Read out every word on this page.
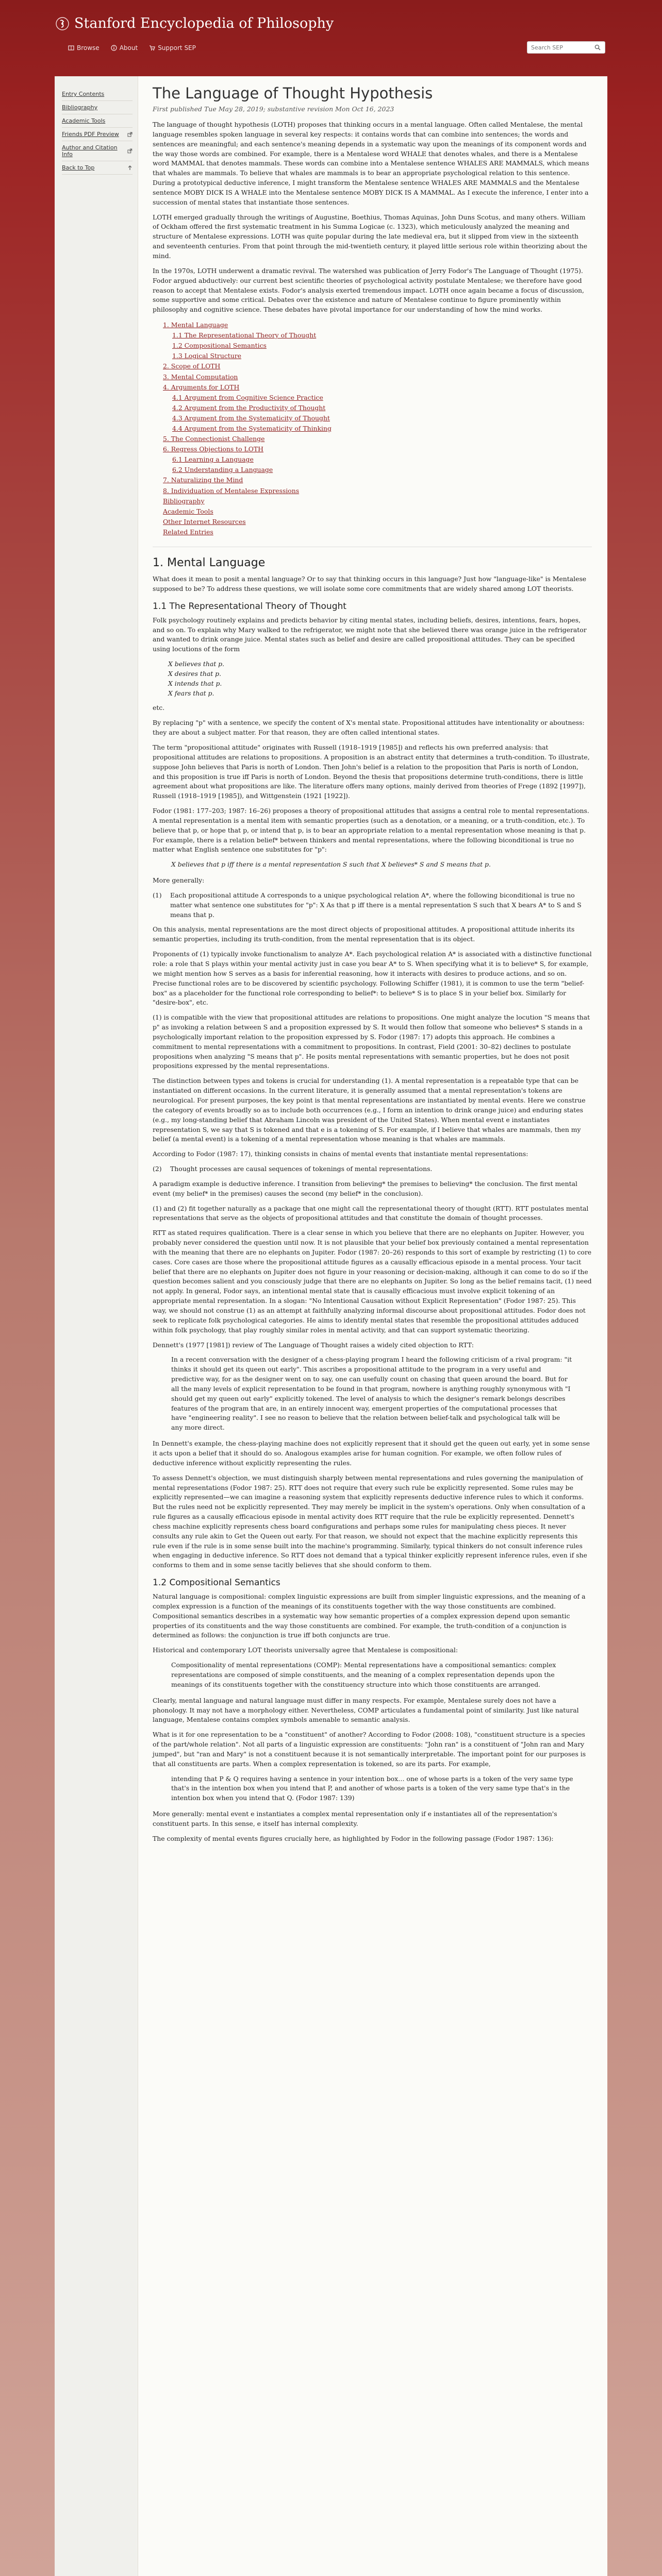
Stanford Encyclopedia of Philosophy
Browse	About	Support SEP
Search SEP
Entry Contents
Bibliography
Academic Tools
Friends PDF Preview
Author and Citation Info
Back to Top
The Language of Thought Hypothesis
First published Tue May 28, 2019; substantive revision Mon Oct 16, 2023

The language of thought hypothesis (LOTH) proposes that thinking occurs in a mental language. Often called Mentalese, the mental language resembles spoken language in several key respects: it contains words that can combine into sentences; the words and sentences are meaningful; and each sentence's meaning depends in a systematic way upon the meanings of its component words and the way those words are combined. For example, there is a Mentalese word WHALE that denotes whales, and there is a Mentalese word MAMMAL that denotes mammals. These words can combine into a Mentalese sentence WHALES ARE MAMMALS, which means that whales are mammals. To believe that whales are mammals is to bear an appropriate psychological relation to this sentence. During a prototypical deductive inference, I might transform the Mentalese sentence WHALES ARE MAMMALS and the Mentalese sentence MOBY DICK IS A WHALE into the Mentalese sentence MOBY DICK IS A MAMMAL. As I execute the inference, I enter into a succession of mental states that instantiate those sentences.

LOTH emerged gradually through the writings of Augustine, Boethius, Thomas Aquinas, John Duns Scotus, and many others. William of Ockham offered the first systematic treatment in his Summa Logicae (c. 1323), which meticulously analyzed the meaning and structure of Mentalese expressions. LOTH was quite popular during the late medieval era, but it slipped from view in the sixteenth and seventeenth centuries. From that point through the mid-twentieth century, it played little serious role within theorizing about the mind.

In the 1970s, LOTH underwent a dramatic revival. The watershed was publication of Jerry Fodor's The Language of Thought (1975). Fodor argued abductively: our current best scientific theories of psychological activity postulate Mentalese; we therefore have good reason to accept that Mentalese exists. Fodor's analysis exerted tremendous impact. LOTH once again became a focus of discussion, some supportive and some critical. Debates over the existence and nature of Mentalese continue to figure prominently within philosophy and cognitive science. These debates have pivotal importance for our understanding of how the mind works.

1. Mental Language
1.1 The Representational Theory of Thought
1.2 Compositional Semantics
1.3 Logical Structure
2. Scope of LOTH
3. Mental Computation
4. Arguments for LOTH
4.1 Argument from Cognitive Science Practice
4.2 Argument from the Productivity of Thought
4.3 Argument from the Systematicity of Thought
4.4 Argument from the Systematicity of Thinking
5. The Connectionist Challenge
6. Regress Objections to LOTH
6.1 Learning a Language
6.2 Understanding a Language
7. Naturalizing the Mind
8. Individuation of Mentalese Expressions
Bibliography
Academic Tools
Other Internet Resources
Related Entries
1. Mental Language

What does it mean to posit a mental language? Or to say that thinking occurs in this language? Just how "language-like" is Mentalese supposed to be? To address these questions, we will isolate some core commitments that are widely shared among LOT theorists.

1.1 The Representational Theory of Thought

Folk psychology routinely explains and predicts behavior by citing mental states, including beliefs, desires, intentions, fears, hopes, and so on. To explain why Mary walked to the refrigerator, we might note that she believed there was orange juice in the refrigerator and wanted to drink orange juice. Mental states such as belief and desire are called propositional attitudes. They can be specified using locutions of the form

X believes that p.
X desires that p.
X intends that p.
X fears that p.

etc.

By replacing "p" with a sentence, we specify the content of X's mental state. Propositional attitudes have intentionality or aboutness: they are about a subject matter. For that reason, they are often called intentional states.

The term "propositional attitude" originates with Russell (1918–1919 [1985]) and reflects his own preferred analysis: that propositional attitudes are relations to propositions. A proposition is an abstract entity that determines a truth-condition. To illustrate, suppose John believes that Paris is north of London. Then John's belief is a relation to the proposition that Paris is north of London, and this proposition is true iff Paris is north of London. Beyond the thesis that propositions determine truth-conditions, there is little agreement about what propositions are like. The literature offers many options, mainly derived from theories of Frege (1892 [1997]), Russell (1918–1919 [1985]), and Wittgenstein (1921 [1922]).

Fodor (1981: 177–203; 1987: 16–26) proposes a theory of propositional attitudes that assigns a central role to mental representations. A mental representation is a mental item with semantic properties (such as a denotation, or a meaning, or a truth-condition, etc.). To believe that p, or hope that p, or intend that p, is to bear an appropriate relation to a mental representation whose meaning is that p. For example, there is a relation belief* between thinkers and mental representations, where the following biconditional is true no matter what English sentence one substitutes for "p":

X believes that p iff there is a mental representation S such that X believes* S and S means that p.

More generally:

(1)	Each propositional attitude A corresponds to a unique psychological relation A*, where the following biconditional is true no matter what sentence one substitutes for "p": X As that p iff there is a mental representation S such that X bears A* to S and S means that p.

On this analysis, mental representations are the most direct objects of propositional attitudes. A propositional attitude inherits its semantic properties, including its truth-condition, from the mental representation that is its object.

Proponents of (1) typically invoke functionalism to analyze A*. Each psychological relation A* is associated with a distinctive functional role: a role that S plays within your mental activity just in case you bear A* to S. When specifying what it is to believe* S, for example, we might mention how S serves as a basis for inferential reasoning, how it interacts with desires to produce actions, and so on. Precise functional roles are to be discovered by scientific psychology. Following Schiffer (1981), it is common to use the term "belief-box" as a placeholder for the functional role corresponding to belief*: to believe* S is to place S in your belief box. Similarly for "desire-box", etc.

(1) is compatible with the view that propositional attitudes are relations to propositions. One might analyze the locution "S means that p" as invoking a relation between S and a proposition expressed by S. It would then follow that someone who believes* S stands in a psychologically important relation to the proposition expressed by S. Fodor (1987: 17) adopts this approach. He combines a commitment to mental representations with a commitment to propositions. In contrast, Field (2001: 30–82) declines to postulate propositions when analyzing "S means that p". He posits mental representations with semantic properties, but he does not posit propositions expressed by the mental representations.

The distinction between types and tokens is crucial for understanding (1). A mental representation is a repeatable type that can be instantiated on different occasions. In the current literature, it is generally assumed that a mental representation's tokens are neurological. For present purposes, the key point is that mental representations are instantiated by mental events. Here we construe the category of events broadly so as to include both occurrences (e.g., I form an intention to drink orange juice) and enduring states (e.g., my long-standing belief that Abraham Lincoln was president of the United States). When mental event e instantiates representation S, we say that S is tokened and that e is a tokening of S. For example, if I believe that whales are mammals, then my belief (a mental event) is a tokening of a mental representation whose meaning is that whales are mammals.

According to Fodor (1987: 17), thinking consists in chains of mental events that instantiate mental representations:

(2)	Thought processes are causal sequences of tokenings of mental representations.

A paradigm example is deductive inference. I transition from believing* the premises to believing* the conclusion. The first mental event (my belief* in the premises) causes the second (my belief* in the conclusion).

(1) and (2) fit together naturally as a package that one might call the representational theory of thought (RTT). RTT postulates mental representations that serve as the objects of propositional attitudes and that constitute the domain of thought processes.

RTT as stated requires qualification. There is a clear sense in which you believe that there are no elephants on Jupiter. However, you probably never considered the question until now. It is not plausible that your belief box previously contained a mental representation with the meaning that there are no elephants on Jupiter. Fodor (1987: 20–26) responds to this sort of example by restricting (1) to core cases. Core cases are those where the propositional attitude figures as a causally efficacious episode in a mental process. Your tacit belief that there are no elephants on Jupiter does not figure in your reasoning or decision-making, although it can come to do so if the question becomes salient and you consciously judge that there are no elephants on Jupiter. So long as the belief remains tacit, (1) need not apply. In general, Fodor says, an intentional mental state that is causally efficacious must involve explicit tokening of an appropriate mental representation. In a slogan: "No Intentional Causation without Explicit Representation" (Fodor 1987: 25). This way, we should not construe (1) as an attempt at faithfully analyzing informal discourse about propositional attitudes. Fodor does not seek to replicate folk psychological categories. He aims to identify mental states that resemble the propositional attitudes adduced within folk psychology, that play roughly similar roles in mental activity, and that can support systematic theorizing.

Dennett's (1977 [1981]) review of The Language of Thought raises a widely cited objection to RTT:

In a recent conversation with the designer of a chess-playing program I heard the following criticism of a rival program: "it thinks it should get its queen out early". This ascribes a propositional attitude to the program in a very useful and predictive way, for as the designer went on to say, one can usefully count on chasing that queen around the board. But for all the many levels of explicit representation to be found in that program, nowhere is anything roughly synonymous with "I should get my queen out early" explicitly tokened. The level of analysis to which the designer's remark belongs describes features of the program that are, in an entirely innocent way, emergent properties of the computational processes that have "engineering reality". I see no reason to believe that the relation between belief-talk and psychological talk will be any more direct.

In Dennett's example, the chess-playing machine does not explicitly represent that it should get the queen out early, yet in some sense it acts upon a belief that it should do so. Analogous examples arise for human cognition. For example, we often follow rules of deductive inference without explicitly representing the rules.

To assess Dennett's objection, we must distinguish sharply between mental representations and rules governing the manipulation of mental representations (Fodor 1987: 25). RTT does not require that every such rule be explicitly represented. Some rules may be explicitly represented—we can imagine a reasoning system that explicitly represents deductive inference rules to which it conforms. But the rules need not be explicitly represented. They may merely be implicit in the system's operations. Only when consultation of a rule figures as a causally efficacious episode in mental activity does RTT require that the rule be explicitly represented. Dennett's chess machine explicitly represents chess board configurations and perhaps some rules for manipulating chess pieces. It never consults any rule akin to Get the Queen out early. For that reason, we should not expect that the machine explicitly represents this rule even if the rule is in some sense built into the machine's programming. Similarly, typical thinkers do not consult inference rules when engaging in deductive inference. So RTT does not demand that a typical thinker explicitly represent inference rules, even if she conforms to them and in some sense tacitly believes that she should conform to them.

1.2 Compositional Semantics

Natural language is compositional: complex linguistic expressions are built from simpler linguistic expressions, and the meaning of a complex expression is a function of the meanings of its constituents together with the way those constituents are combined. Compositional semantics describes in a systematic way how semantic properties of a complex expression depend upon semantic properties of its constituents and the way those constituents are combined. For example, the truth-condition of a conjunction is determined as follows: the conjunction is true iff both conjuncts are true.

Historical and contemporary LOT theorists universally agree that Mentalese is compositional:

Compositionality of mental representations (COMP): Mental representations have a compositional semantics: complex representations are composed of simple constituents, and the meaning of a complex representation depends upon the meanings of its constituents together with the constituency structure into which those constituents are arranged.

Clearly, mental language and natural language must differ in many respects. For example, Mentalese surely does not have a phonology. It may not have a morphology either. Nevertheless, COMP articulates a fundamental point of similarity. Just like natural language, Mentalese contains complex symbols amenable to semantic analysis.

What is it for one representation to be a "constituent" of another? According to Fodor (2008: 108), "constituent structure is a species of the part/whole relation". Not all parts of a linguistic expression are constituents: "John ran" is a constituent of "John ran and Mary jumped", but "ran and Mary" is not a constituent because it is not semantically interpretable. The important point for our purposes is that all constituents are parts. When a complex representation is tokened, so are its parts. For example,

intending that P & Q requires having a sentence in your intention box… one of whose parts is a token of the very same type that's in the intention box when you intend that P, and another of whose parts is a token of the very same type that's in the intention box when you intend that Q. (Fodor 1987: 139)

More generally: mental event e instantiates a complex mental representation only if e instantiates all of the representation's constituent parts. In this sense, e itself has internal complexity.

The complexity of mental events figures crucially here, as highlighted by Fodor in the following passage (Fodor 1987: 136):
